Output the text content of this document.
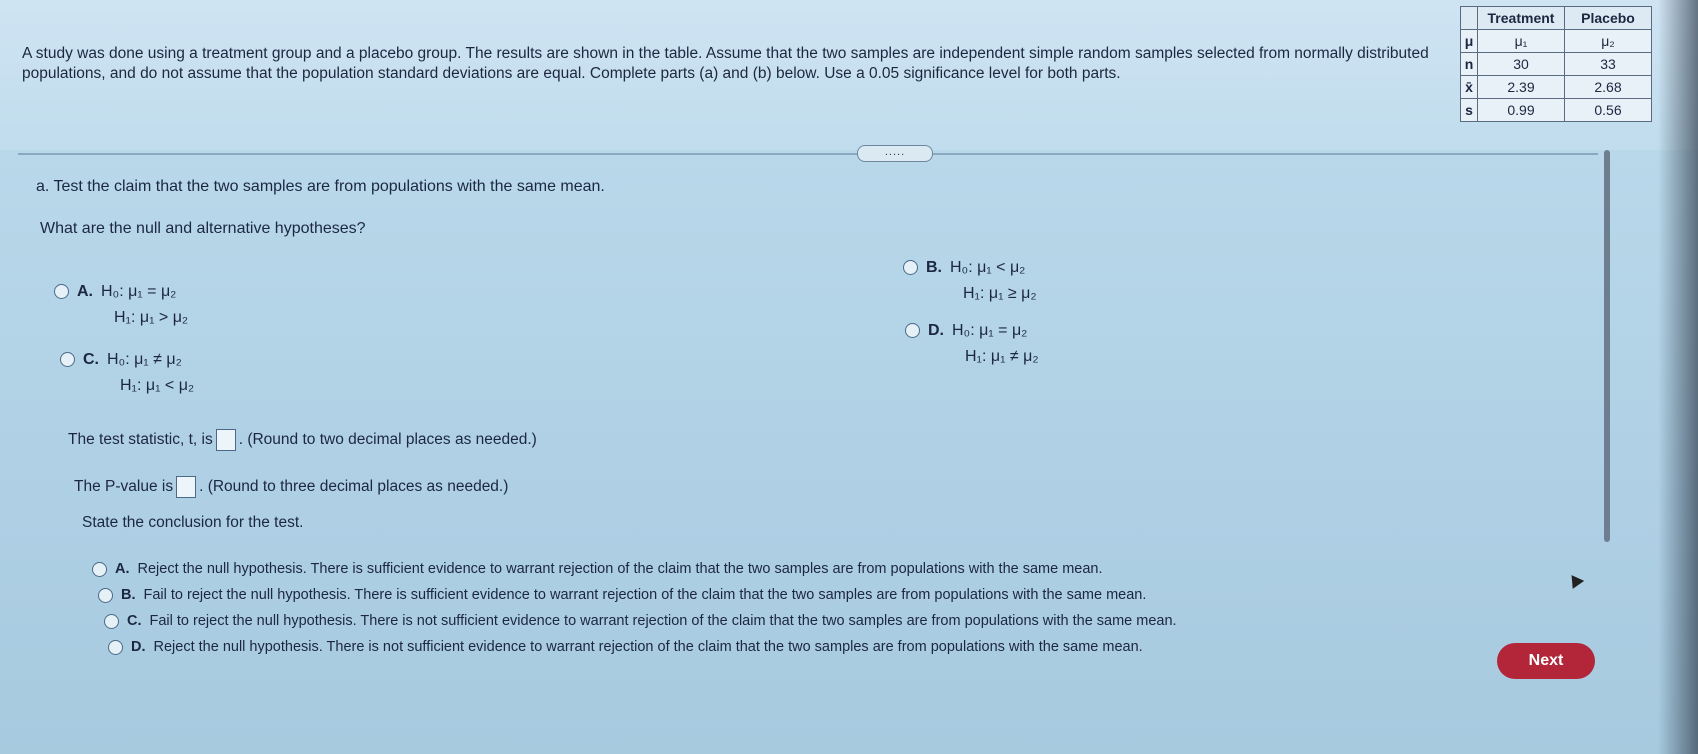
A study was done using a treatment group and a placebo group. The results are shown in the table. Assume that the two samples are independent simple random samples selected from normally distributed populations, and do not assume that the population standard deviations are equal. Complete parts (a) and (b) below. Use a 0.05 significance level for both parts.
	Treatment	Placebo
μ	μ₁	μ₂
n	30	33
x̄	2.39	2.68
s	0.99	0.56
.....
a. Test the claim that the two samples are from populations with the same mean.
What are the null and alternative hypotheses?
A. H₀: μ₁ = μ₂
H₁: μ₁ > μ₂
B. H₀: μ₁ < μ₂
H₁: μ₁ ≥ μ₂
C. H₀: μ₁ ≠ μ₂
H₁: μ₁ < μ₂
D. H₀: μ₁ = μ₂
H₁: μ₁ ≠ μ₂
The test statistic, t, is . (Round to two decimal places as needed.)
The P-value is . (Round to three decimal places as needed.)
State the conclusion for the test.
A. Reject the null hypothesis. There is sufficient evidence to warrant rejection of the claim that the two samples are from populations with the same mean.
B. Fail to reject the null hypothesis. There is sufficient evidence to warrant rejection of the claim that the two samples are from populations with the same mean.
C. Fail to reject the null hypothesis. There is not sufficient evidence to warrant rejection of the claim that the two samples are from populations with the same mean.
D. Reject the null hypothesis. There is not sufficient evidence to warrant rejection of the claim that the two samples are from populations with the same mean.
Next
